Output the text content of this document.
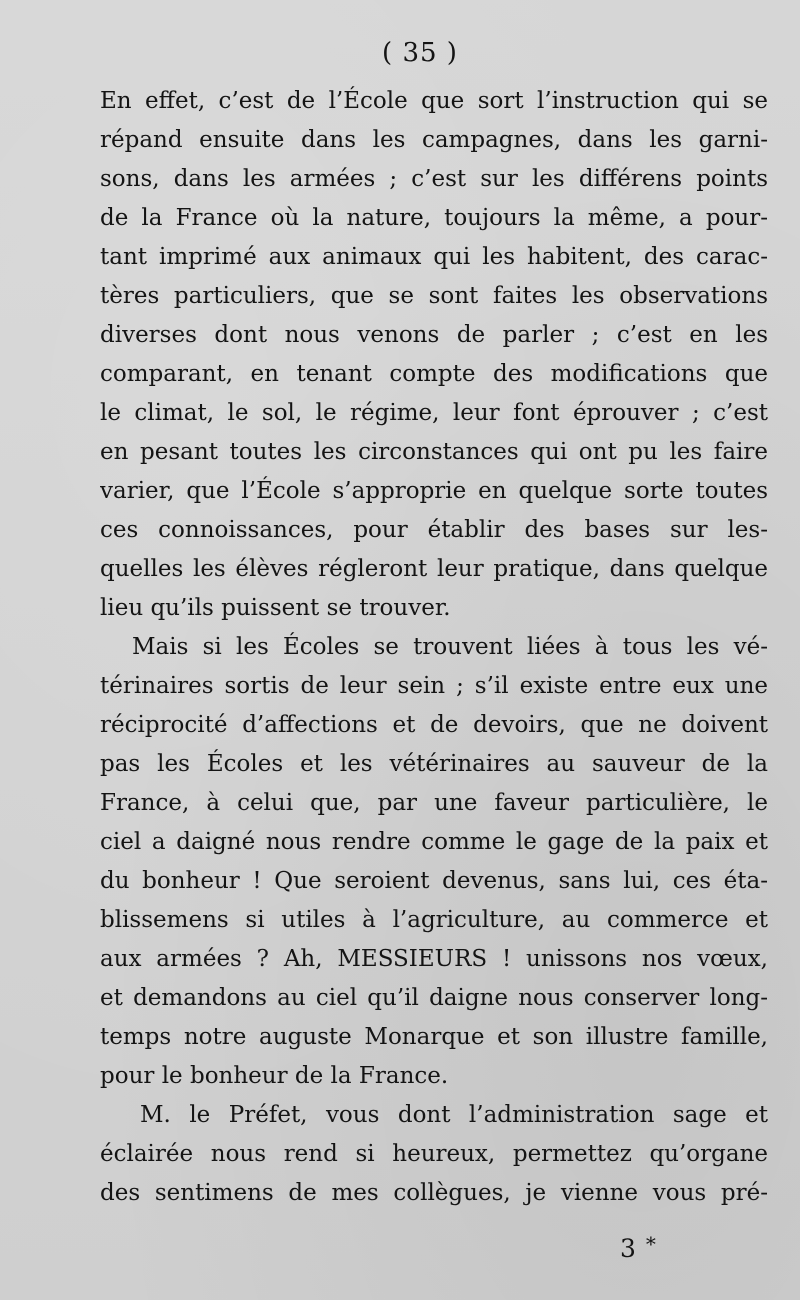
( 35 )

En effet, c’est de l’École que sort l’instruction qui se
répand ensuite dans les campagnes, dans les garni-
sons, dans les armées ; c’est sur les différens points
de la France où la nature, toujours la même, a pour-
tant imprimé aux animaux qui les habitent, des carac-
tères particuliers, que se sont faites les observations
diverses dont nous venons de parler ; c’est en les
comparant, en tenant compte des modifications que
le climat, le sol, le régime, leur font éprouver ; c’est
en pesant toutes les circonstances qui ont pu les faire
varier, que l’École s’approprie en quelque sorte toutes
ces connoissances, pour établir des bases sur les-
quelles les élèves régleront leur pratique, dans quelque
lieu qu’ils puissent se trouver.

Mais si les Écoles se trouvent liées à tous les vé-
térinaires sortis de leur sein ; s’il existe entre eux une
réciprocité d’affections et de devoirs, que ne doivent
pas les Écoles et les vétérinaires au sauveur de la
France, à celui que, par une faveur particulière, le
ciel a daigné nous rendre comme le gage de la paix et
du bonheur ! Que seroient devenus, sans lui, ces éta-
blissemens si utiles à l’agriculture, au commerce et
aux armées ? Ah, MESSIEURS ! unissons nos vœux,
et demandons au ciel qu’il daigne nous conserver long-
temps notre auguste Monarque et son illustre famille,
pour le bonheur de la France.

M. le Préfet, vous dont l’administration sage et
éclairée nous rend si heureux, permettez qu’organe
des sentimens de mes collègues, je vienne vous pré-

3 *
